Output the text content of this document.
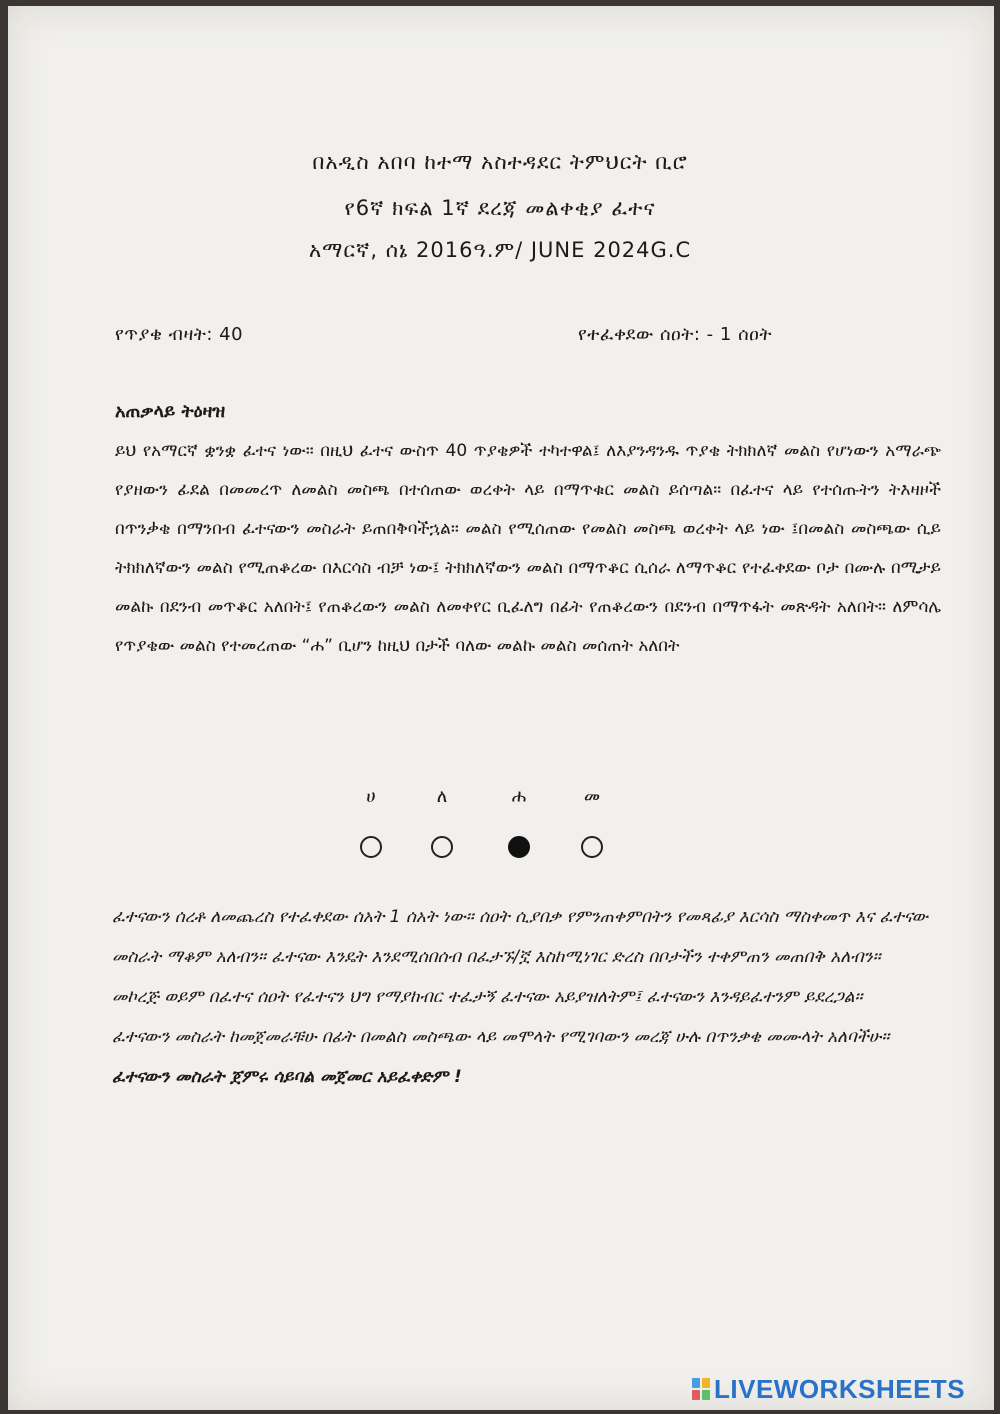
በአዲስ አበባ ከተማ አስተዳደር ትምህርት ቢሮ
የ6ኛ ክፍል 1ኛ ደረጃ መልቀቂያ ፈተና
አማርኛ, ሰኔ 2016ዓ.ም/ JUNE 2024G.C
የጥያቄ ብዛት: 40	የተፈቀደው ሰዐት: - 1 ሰዐት
አጠቃላይ ትዕዛዝ
ይህ የአማርኛ ቋንቋ ፈተና ነው። በዚህ ፈተና ውስጥ 40 ጥያቄዎች ተካተዋል፤ ለእያንዳንዱ ጥያቄ ትክክለኛ መልስ የሆነውን አማራጭ የያዘውን ፊደል በመመረጥ ለመልስ መስጫ በተሰጠው ወረቀት ላይ በማጥቁር መልስ ይሰጣል። በፈተና ላይ የተሰጡትን ትእዛዞች በጥንቃቄ በማንበብ ፈተናውን መስራት ይጠበቅባችኋል። መልስ የሚሰጠው የመልስ መስጫ ወረቀት ላይ ነው ፤በመልስ መስጫው ሲይ ትክክለኛውን መልስ የሚጠቆረው በእርሳስ ብቻ ነው፤ ትክክለኛውን መልስ በማጥቆር ሲሰራ ለማጥቆር የተፈቀደው ቦታ በሙሉ በሚታይ መልኩ በደንብ መጥቆር አለበት፤ የጠቆረውን መልስ ለመቀየር ቢፈለግ በፊት የጠቆረውን በደንብ በማጥፋት መጽዳት አለበት። ለምሳሌ የጥያቄው መልስ የተመረጠው “ሐ” ቢሆን ከዚህ በታች ባለው መልኩ መልስ መሰጠት አለበት
ሀ	ለ	ሐ	መ
ፈተናውን ሰረቶ ለመጨረስ የተፈቀደው ሰአት 1 ሰአት ነው። ሰዐት ሲያበቃ የምንጠቀምበትን የመጻፊያ እርሳስ ማስቀመጥ እና ፈተናው መስራት ማቆም አለብን። ፈተናው እንዴት እንደሚሰበሰብ በፈታኙ/ኟ እስከሚነገር ድረስ በቦታችን ተቀምጠን መጠበቅ አለብን።
መኮረጅ ወይም በፈተና ሰዐት የፈተናን ህግ የማያከብር ተፈታኝ ፈተናው አይያዝለትም፤ ፈተናውን እንዳይፈተንም ይደረጋል።
ፈተናውን መስራት ከመጀመራቹሁ በፊት በመልስ መስጫው ላይ መሞላት የሚገባውን መረጃ ሁሉ በጥንቃቄ መሙላት አለባችሁ።
ፈተናውን መስራት ጀምሩ ሳይባል መጀመር አይፈቀድም !
LIVEWORKSHEETS
